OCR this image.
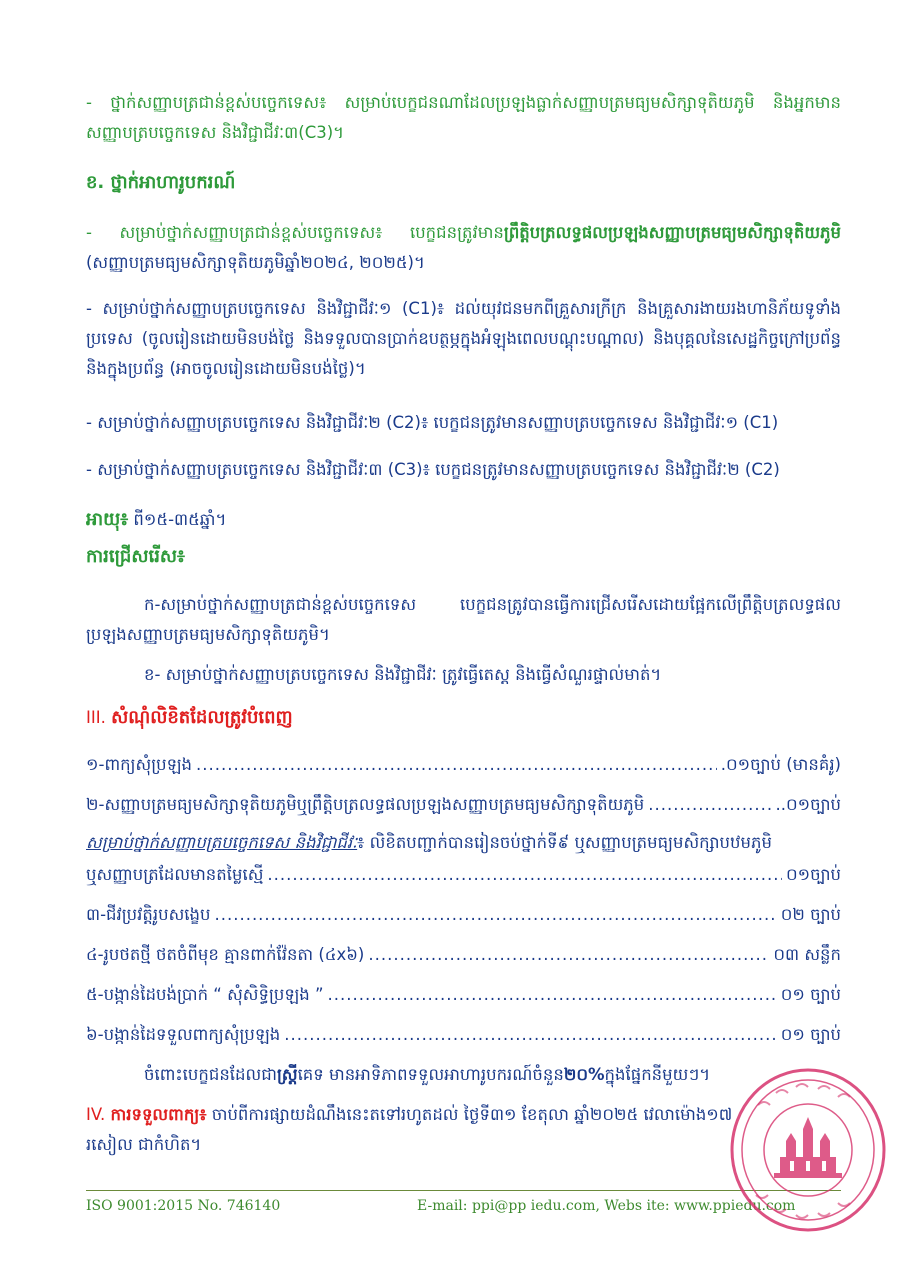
- ថ្នាក់សញ្ញាបត្រជាន់ខ្ពស់បច្ចេកទេស៖ សម្រាប់បេក្ខជនណាដែលប្រឡងធ្លាក់សញ្ញាបត្រមធ្យមសិក្សាទុតិយភូមិ និងអ្នកមានសញ្ញាបត្របច្ចេកទេស និងវិជ្ជាជីវៈ៣(C3)។

ខ. ថ្នាក់អាហារូបករណ៍

- សម្រាប់ថ្នាក់សញ្ញាបត្រជាន់ខ្ពស់បច្ចេកទេស៖ បេក្ខជនត្រូវមានព្រឹត្តិបត្រលទ្ធផលប្រឡងសញ្ញាបត្រមធ្យមសិក្សាទុតិយភូមិ (សញ្ញាបត្រមធ្យមសិក្សាទុតិយភូមិឆ្នាំ២០២៤, ២០២៥)។

- សម្រាប់ថ្នាក់សញ្ញាបត្របច្ចេកទេស និងវិជ្ជាជីវៈ១ (C1)៖ ដល់យុវជនមកពីគ្រួសារក្រីក្រ និងគ្រួសារងាយរងហានិភ័យទូទាំងប្រទេស (ចូលរៀនដោយមិនបង់ថ្លៃ និងទទួលបានប្រាក់ឧបត្ថម្ភក្នុងអំឡុងពេលបណ្តុះបណ្តាល) និងបុគ្គលនៃសេដ្ឋកិច្ចក្រៅប្រព័ន្ធ និងក្នុងប្រព័ន្ធ (អាចចូលរៀនដោយមិនបង់ថ្លៃ)។

- សម្រាប់ថ្នាក់សញ្ញាបត្របច្ចេកទេស និងវិជ្ជាជីវៈ២ (C2)៖ បេក្ខជនត្រូវមានសញ្ញាបត្របច្ចេកទេស និងវិជ្ជាជីវៈ១ (C1)

- សម្រាប់ថ្នាក់សញ្ញាបត្របច្ចេកទេស និងវិជ្ជាជីវៈ៣ (C3)៖ បេក្ខជនត្រូវមានសញ្ញាបត្របច្ចេកទេស និងវិជ្ជាជីវៈ២ (C2)

អាយុ៖ ពី១៥-៣៥ឆ្នាំ។

ការជ្រើសរើស៖

ក-សម្រាប់ថ្នាក់សញ្ញាបត្រជាន់ខ្ពស់បច្ចេកទេស បេក្ខជនត្រូវបានធ្វើការជ្រើសរើសដោយផ្អែកលើព្រឹត្តិបត្រលទ្ធផលប្រឡងសញ្ញាបត្រមធ្យមសិក្សាទុតិយភូមិ។

ខ- សម្រាប់ថ្នាក់សញ្ញាបត្របច្ចេកទេស និងវិជ្ជាជីវៈ ត្រូវធ្វើតេស្ត និងធ្វើសំណួរផ្ទាល់មាត់។

III. សំណុំលិខិតដែលត្រូវបំពេញ

១-ពាក្យសុំប្រឡង .....	.០១ច្បាប់ (មានគំរូ)
២-សញ្ញាបត្រមធ្យមសិក្សាទុតិយភូមិឬព្រឹត្តិបត្រលទ្ធផលប្រឡងសញ្ញាបត្រមធ្យមសិក្សាទុតិយភូមិ .....	..០១ច្បាប់

សម្រាប់ថ្នាក់សញ្ញាបត្របច្ចេកទេស និងវិជ្ជាជីវៈ៖ លិខិតបញ្ជាក់បានរៀនចប់ថ្នាក់ទី៩ ឬសញ្ញាបត្រមធ្យមសិក្សាបឋមភូមិ

ឬសញ្ញាបត្រដែលមានតម្លៃស្មើ .....	០១ច្បាប់
៣-ជីវប្រវត្តិរូបសង្ខេប .....	០២ ច្បាប់
៤-រូបថតថ្មី ថតចំពីមុខ គ្មានពាក់វ៉ែនតា (៤x៦) .....	០៣ សន្លឹក
៥-បង្កាន់ដៃបង់ប្រាក់ “ សុំសិទ្ធិប្រឡង ” .....	០១ ច្បាប់
៦-បង្កាន់ដៃទទួលពាក្យសុំប្រឡង .....	០១ ច្បាប់

ចំពោះបេក្ខជនដែលជាស្ត្រីគេទ មានអាទិភាពទទួលអាហារូបករណ៍ចំនួន២០%ក្នុងផ្នែកនីមួយៗ។

IV. ការទទួលពាក្យ៖ ចាប់ពីការផ្សាយដំណឹងនេះតទៅរហូតដល់ ថ្ងៃទី៣១ ខែតុលា ឆ្នាំ២០២៥ វេលាម៉ោង១៧
រសៀល ជាកំហិត។

ISO 9001:2015 No. 746140	E-mail: ppi@pp iedu.com, Webs ite: www.ppiedu.com
